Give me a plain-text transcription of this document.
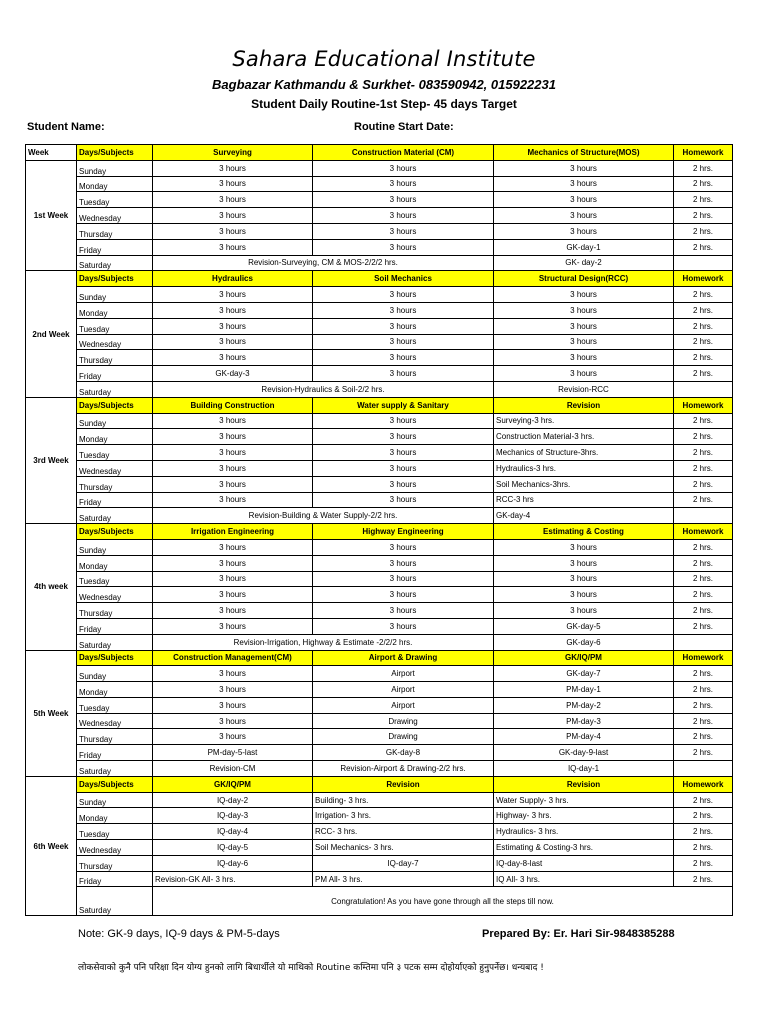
Sahara Educational Institute
Bagbazar Kathmandu & Surkhet- 083590942, 015922231
Student Daily Routine-1st Step- 45 days Target
Student Name:	Routine Start Date:
Week	Days/Subjects	Surveying	Construction Material (CM)	Mechanics of Structure(MOS)	Homework
1st Week	Sunday	3 hours	3 hours	3 hours	2 hrs.
	Monday	3 hours	3 hours	3 hours	2 hrs.
	Tuesday	3 hours	3 hours	3 hours	2 hrs.
	Wednesday	3 hours	3 hours	3 hours	2 hrs.
	Thursday	3 hours	3 hours	3 hours	2 hrs.
	Friday	3 hours	3 hours	GK-day-1	2 hrs.
	Saturday	Revision-Surveying, CM & MOS-2/2/2 hrs.		GK- day-2	
2nd Week	Days/Subjects	Hydraulics	Soil Mechanics	Structural Design(RCC)	Homework
	Sunday	3 hours	3 hours	3 hours	2 hrs.
	Monday	3 hours	3 hours	3 hours	2 hrs.
	Tuesday	3 hours	3 hours	3 hours	2 hrs.
	Wednesday	3 hours	3 hours	3 hours	2 hrs.
	Thursday	3 hours	3 hours	3 hours	2 hrs.
	Friday	GK-day-3	3 hours	3 hours	2 hrs.
	Saturday	Revision-Hydraulics & Soil-2/2 hrs.		Revision-RCC	
3rd Week	Days/Subjects	Building Construction	Water supply & Sanitary	Revision	Homework
	Sunday	3 hours	3 hours	Surveying-3 hrs.	2 hrs.
	Monday	3 hours	3 hours	Construction Material-3 hrs.	2 hrs.
	Tuesday	3 hours	3 hours	Mechanics of Structure-3hrs.	2 hrs.
	Wednesday	3 hours	3 hours	Hydraulics-3 hrs.	2 hrs.
	Thursday	3 hours	3 hours	Soil Mechanics-3hrs.	2 hrs.
	Friday	3 hours	3 hours	RCC-3 hrs	2 hrs.
	Saturday	Revision-Building & Water Supply-2/2 hrs.		GK-day-4	
4th week	Days/Subjects	Irrigation Engineering	Highway Engineering	Estimating & Costing	Homework
	Sunday	3 hours	3 hours	3 hours	2 hrs.
	Monday	3 hours	3 hours	3 hours	2 hrs.
	Tuesday	3 hours	3 hours	3 hours	2 hrs.
	Wednesday	3 hours	3 hours	3 hours	2 hrs.
	Thursday	3 hours	3 hours	3 hours	2 hrs.
	Friday	3 hours	3 hours	GK-day-5	2 hrs.
	Saturday	Revision-Irrigation, Highway & Estimate -2/2/2 hrs.		GK-day-6	
5th Week	Days/Subjects	Construction Management(CM)	Airport & Drawing	GK/IQ/PM	Homework
	Sunday	3 hours	Airport	GK-day-7	2 hrs.
	Monday	3 hours	Airport	PM-day-1	2 hrs.
	Tuesday	3 hours	Airport	PM-day-2	2 hrs.
	Wednesday	3 hours	Drawing	PM-day-3	2 hrs.
	Thursday	3 hours	Drawing	PM-day-4	2 hrs.
	Friday	PM-day-5-last	GK-day-8	GK-day-9-last	2 hrs.
	Saturday	Revision-CM	Revision-Airport & Drawing-2/2 hrs.	IQ-day-1	
6th Week	Days/Subjects	GK/IQ/PM	Revision	Revision	Homework
	Sunday	IQ-day-2	Building- 3 hrs.	Water Supply- 3 hrs.	2 hrs.
	Monday	IQ-day-3	Irrigation- 3 hrs.	Highway- 3 hrs.	2 hrs.
	Tuesday	IQ-day-4	RCC- 3 hrs.	Hydraulics- 3 hrs.	2 hrs.
	Wednesday	IQ-day-5	Soil Mechanics- 3 hrs.	Estimating & Costing-3 hrs.	2 hrs.
	Thursday	IQ-day-6	IQ-day-7	IQ-day-8-last	2 hrs.
	Friday	Revision-GK All- 3 hrs.	PM All- 3 hrs.	IQ All- 3 hrs.	2 hrs.
	Saturday	Congratulation! As you have gone through all the steps till now.			
Note: GK-9 days, IQ-9 days & PM-5-days	Prepared By: Er. Hari Sir-9848385288
लोकसेवाको कुनै पनि परिक्षा दिन योग्य हुनको लागि बिधार्थीले यो माथिको Routine कम्तिमा पनि ३ पटक सम्म दोहोर्याएको हुनुपर्नेछ। धन्यबाद !
